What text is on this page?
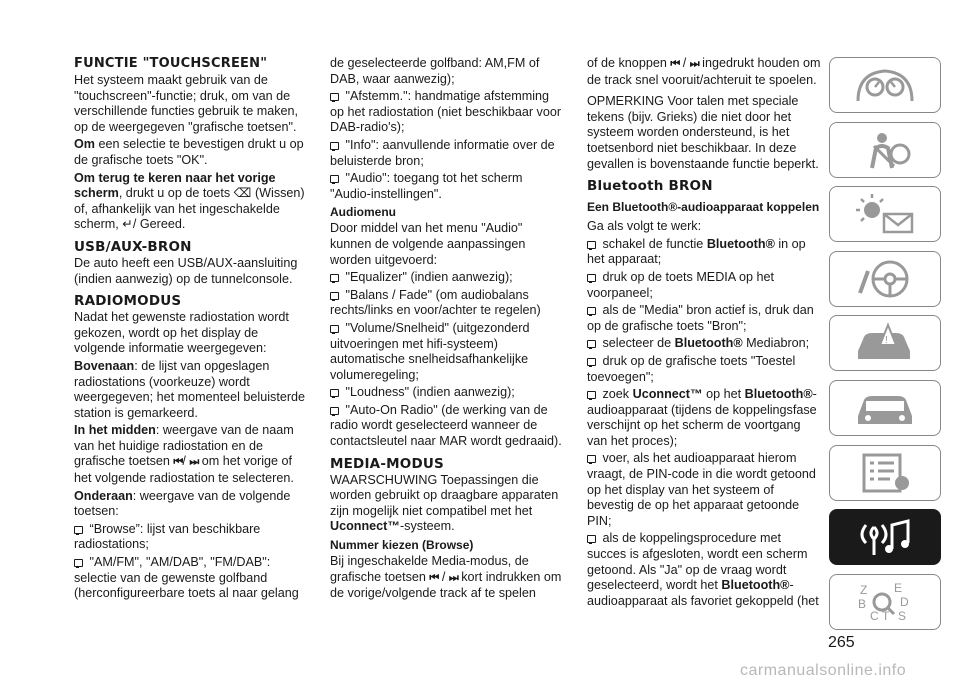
FUNCTIE "TOUCHSCREEN"

Het systeem maakt gebruik van de "touchscreen"-functie; druk, om van de verschillende functies gebruik te maken, op de weergegeven "grafische toetsen".

Om een selectie te bevestigen drukt u op de grafische toets "OK".

Om terug te keren naar het vorige scherm, drukt u op de toets ⌫ (Wissen) of, afhankelijk van het ingeschakelde scherm, ↵/ Gereed.

USB/AUX-BRON

De auto heeft een USB/AUX-aansluiting (indien aanwezig) op de tunnelconsole.

RADIOMODUS

Nadat het gewenste radiostation wordt gekozen, wordt op het display de volgende informatie weergegeven:

Bovenaan: de lijst van opgeslagen radiostations (voorkeuze) wordt weergegeven; het momenteel beluisterde station is gemarkeerd.

In het midden: weergave van de naam van het huidige radiostation en de grafische toetsen ⏮/ ⏭ om het vorige of het volgende radiostation te selecteren.

Onderaan: weergave van de volgende toetsen:

“Browse”: lijst van beschikbare radiostations;

"AM/FM", "AM/DAB", "FM/DAB": selectie van de gewenste golfband (herconfigureerbare toets al naar gelang

de geselecteerde golfband: AM,FM of DAB, waar aanwezig);

"Afstemm.": handmatige afstemming op het radiostation (niet beschikbaar voor DAB-radio's);

"Info": aanvullende informatie over de beluisterde bron;

"Audio": toegang tot het scherm "Audio-instellingen".

Audiomenu

Door middel van het menu "Audio" kunnen de volgende aanpassingen worden uitgevoerd:

"Equalizer" (indien aanwezig);

"Balans / Fade" (om audiobalans rechts/links en voor/achter te regelen)

"Volume/Snelheid" (uitgezonderd uitvoeringen met hifi-systeem) automatische snelheidsafhankelijke volumeregeling;

"Loudness" (indien aanwezig);

"Auto-On Radio" (de werking van de radio wordt geselecteerd wanneer de contactsleutel naar MAR wordt gedraaid).

MEDIA-MODUS

WAARSCHUWING Toepassingen die worden gebruikt op draagbare apparaten zijn mogelijk niet compatibel met het Uconnect™-systeem.

Nummer kiezen (Browse)

Bij ingeschakelde Media-modus, de grafische toetsen ⏮ / ⏭ kort indrukken om de vorige/volgende track af te spelen

of de knoppen ⏮ / ⏭ ingedrukt houden om de track snel vooruit/achteruit te spoelen.

OPMERKING Voor talen met speciale tekens (bijv. Grieks) die niet door het systeem worden ondersteund, is het toetsenbord niet beschikbaar. In deze gevallen is bovenstaande functie beperkt.

Bluetooth BRON
Een Bluetooth®-audioapparaat koppelen

Ga als volgt te werk:

schakel de functie Bluetooth® in op het apparaat;

druk op de toets MEDIA op het voorpaneel;

als de "Media" bron actief is, druk dan op de grafische toets "Bron";

selecteer de Bluetooth® Mediabron;

druk op de grafische toets "Toestel toevoegen";

zoek Uconnect™ op het Bluetooth®-audioapparaat (tijdens de koppelingsfase verschijnt op het scherm de voortgang van het proces);

voer, als het audioapparaat hierom vraagt, de PIN-code in die wordt getoond op het display van het systeem of bevestig de op het apparaat getoonde PIN;

als de koppelingsprocedure met succes is afgesloten, wordt een scherm getoond. Als "Ja" op de vraag wordt geselecteerd, wordt het Bluetooth®-audioapparaat als favoriet gekoppeld (het

!
Z E
B	D
C T S
265
carmanualsonline.info
